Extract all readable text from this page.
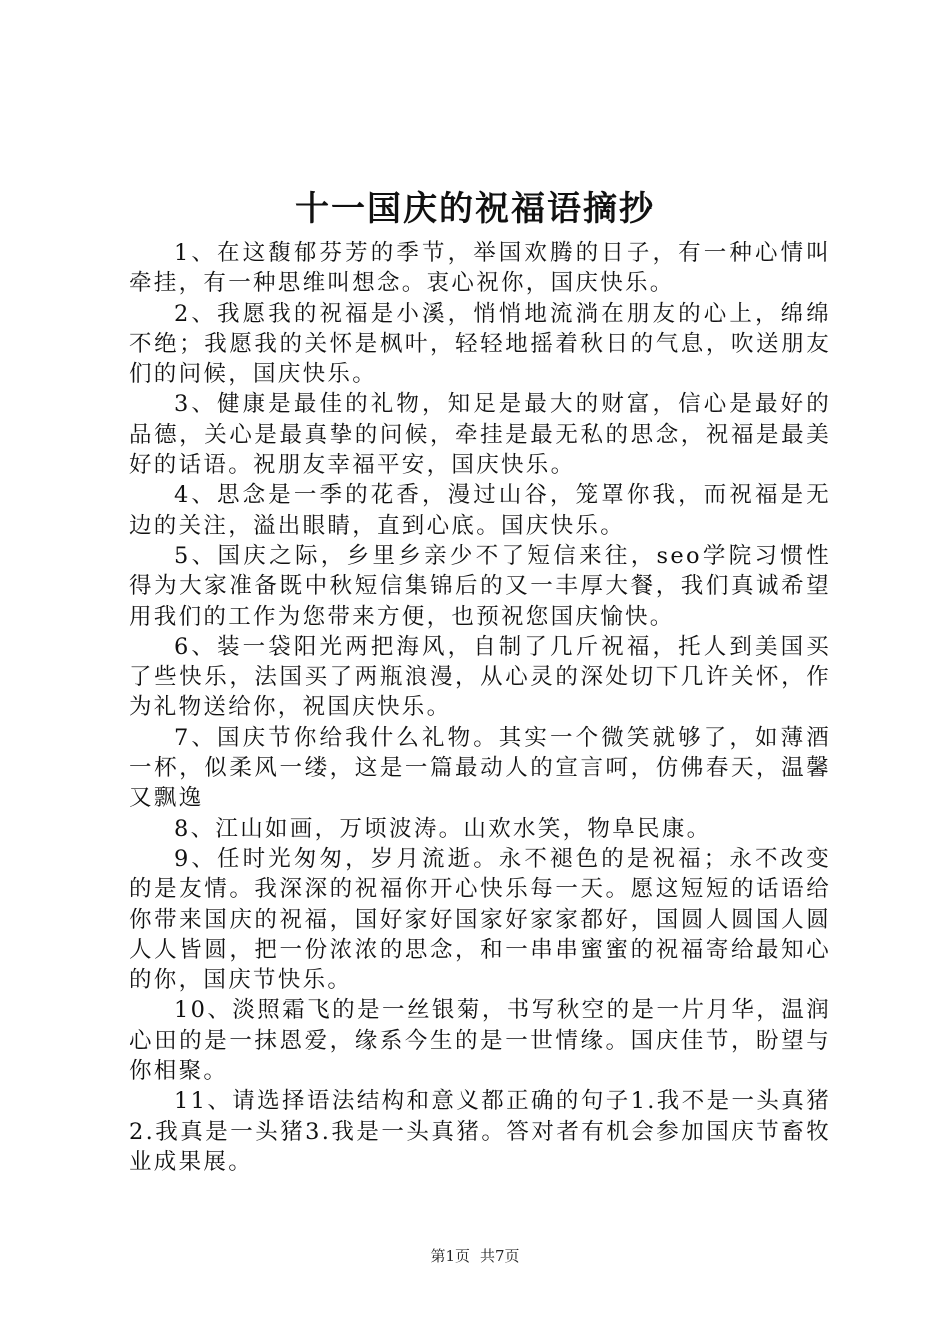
十一国庆的祝福语摘抄

1、在这馥郁芬芳的季节，举国欢腾的日子，有一种心情叫牵挂，有一种思维叫想念。衷心祝你，国庆快乐。

2、我愿我的祝福是小溪，悄悄地流淌在朋友的心上，绵绵不绝；我愿我的关怀是枫叶，轻轻地摇着秋日的气息，吹送朋友们的问候，国庆快乐。

3、健康是最佳的礼物，知足是最大的财富，信心是最好的品德，关心是最真挚的问候，牵挂是最无私的思念，祝福是最美好的话语。祝朋友幸福平安，国庆快乐。

4、思念是一季的花香，漫过山谷，笼罩你我，而祝福是无边的关注，溢出眼睛，直到心底。国庆快乐。

5、国庆之际，乡里乡亲少不了短信来往，seo学院习惯性得为大家准备既中秋短信集锦后的又一丰厚大餐，我们真诚希望用我们的工作为您带来方便，也预祝您国庆愉快。

6、装一袋阳光两把海风，自制了几斤祝福，托人到美国买了些快乐，法国买了两瓶浪漫，从心灵的深处切下几许关怀，作为礼物送给你，祝国庆快乐。

7、国庆节你给我什么礼物。其实一个微笑就够了，如薄酒一杯，似柔风一缕，这是一篇最动人的宣言呵，仿佛春天，温馨又飘逸

8、江山如画，万顷波涛。山欢水笑，物阜民康。

9、任时光匆匆，岁月流逝。永不褪色的是祝福；永不改变的是友情。我深深的祝福你开心快乐每一天。愿这短短的话语给你带来国庆的祝福，国好家好国家好家家都好，国圆人圆国人圆人人皆圆，把一份浓浓的思念，和一串串蜜蜜的祝福寄给最知心的你，国庆节快乐。

10、淡照霜飞的是一丝银菊，书写秋空的是一片月华，温润心田的是一抹恩爱，缘系今生的是一世情缘。国庆佳节，盼望与你相聚。

11、请选择语法结构和意义都正确的句子1.我不是一头真猪2.我真是一头猪3.我是一头真猪。答对者有机会参加国庆节畜牧业成果展。

第1页 共7页
